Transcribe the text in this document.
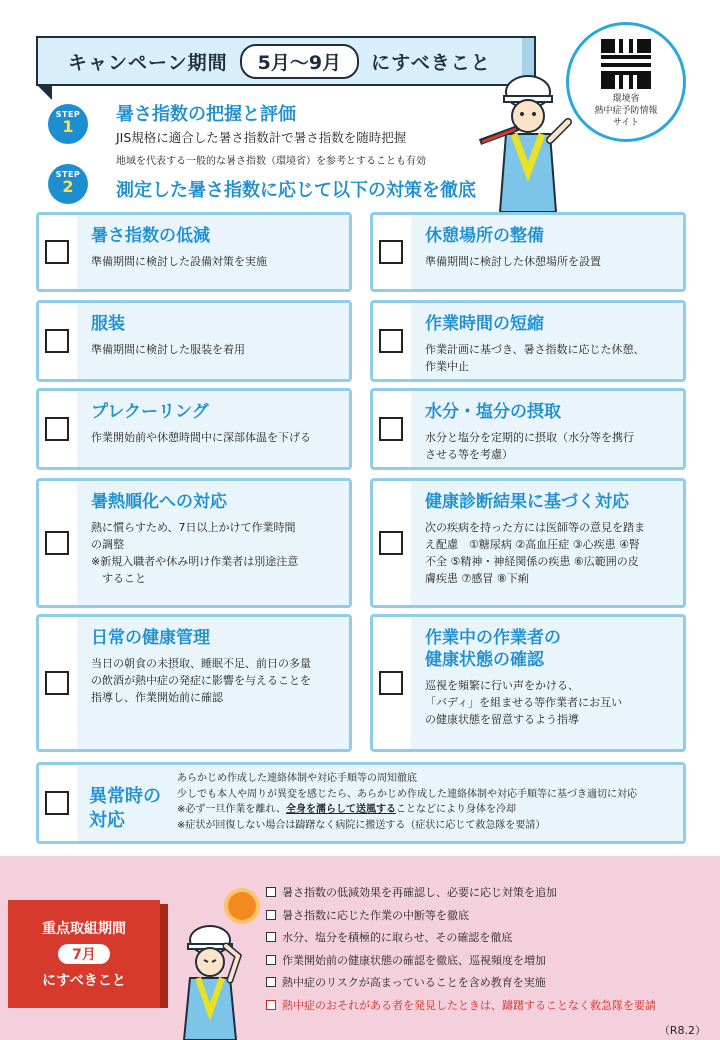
キャンペーン期間	5月～9月	にすべきこと
環境省
熱中症予防情報
サイト
STEP
1
暑さ指数の把握と評価
JIS規格に適合した暑さ指数計で暑さ指数を随時把握
地域を代表する一般的な暑さ指数（環境省）を参考とすることも有効
STEP
2	測定した暑さ指数に応じて以下の対策を徹底
暑さ指数の低減
準備期間に検討した設備対策を実施
休憩場所の整備
準備期間に検討した休憩場所を設置
服装
準備期間に検討した服装を着用
作業時間の短縮
作業計画に基づき、暑さ指数に応じた休憩、
作業中止
プレクーリング
作業開始前や休憩時間中に深部体温を下げる
水分・塩分の摂取
水分と塩分を定期的に摂取（水分等を携行
させる等を考慮）
暑熱順化への対応
熱に慣らすため、7日以上かけて作業時間
の調整
※新規入職者や休み明け作業者は別途注意
　すること
健康診断結果に基づく対応
次の疾病を持った方には医師等の意見を踏ま
え配慮　①糖尿病 ②高血圧症 ③心疾患 ④腎
不全 ⑤精神・神経関係の疾患 ⑥広範囲の皮
膚疾患 ⑦感冒 ⑧下痢
日常の健康管理
当日の朝食の未摂取、睡眠不足、前日の多量
の飲酒が熱中症の発症に影響を与えることを
指導し、作業開始前に確認
作業中の作業者の
健康状態の確認
巡視を頻繁に行い声をかける、
「バディ」を組ませる等作業者にお互い
の健康状態を留意するよう指導
異常時の
対応
あらかじめ作成した連絡体制や対応手順等の周知徹底
少しでも本人や周りが異変を感じたら、あらかじめ作成した連絡体制や対応手順等に基づき適切に対応
※必ず一旦作業を離れ、全身を濡らして送風することなどにより身体を冷却
※症状が回復しない場合は躊躇なく病院に搬送する（症状に応じて救急隊を要請）
重点取組期間
7月
にすべきこと
暑さ指数の低減効果を再確認し、必要に応じ対策を追加
暑さ指数に応じた作業の中断等を徹底
水分、塩分を積極的に取らせ、その確認を徹底
作業開始前の健康状態の確認を徹底、巡視頻度を増加
熱中症のリスクが高まっていることを含め教育を実施
熱中症のおそれがある者を発見したときは、躊躇することなく救急隊を要請
（R8.2）
